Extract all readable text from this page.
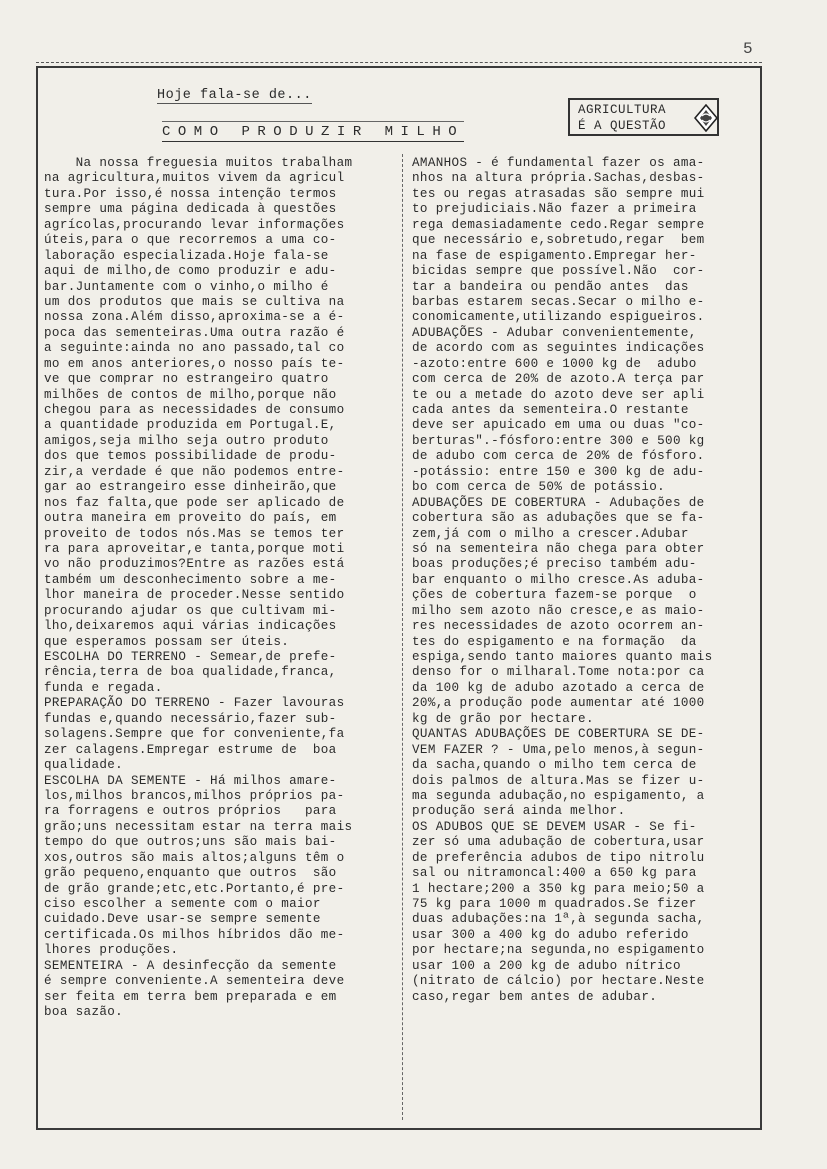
5
Hoje fala-se de...
COMO PRODUZIR MILHO
AGRICULTURA
É A QUESTÃO
Na nossa freguesia muitos trabalham
na agricultura,muitos vivem da agricul
tura.Por isso,é nossa intenção termos
sempre uma página dedicada à questões
agrícolas,procurando levar informações
úteis,para o que recorremos a uma co-
laboração especializada.Hoje fala-se
aqui de milho,de como produzir e adu-
bar.Juntamente com o vinho,o milho é
um dos produtos que mais se cultiva na
nossa zona.Além disso,aproxima-se a é-
poca das sementeiras.Uma outra razão é
a seguinte:ainda no ano passado,tal co
mo em anos anteriores,o nosso país te-
ve que comprar no estrangeiro quatro
milhões de contos de milho,porque não
chegou para as necessidades de consumo
a quantidade produzida em Portugal.E,
amigos,seja milho seja outro produto
dos que temos possibilidade de produ-
zir,a verdade é que não podemos entre-
gar ao estrangeiro esse dinheirão,que
nos faz falta,que pode ser aplicado de
outra maneira em proveito do país, em
proveito de todos nós.Mas se temos ter
ra para aproveitar,e tanta,porque moti
vo não produzimos?Entre as razões está
também um desconhecimento sobre a me-
lhor maneira de proceder.Nesse sentido
procurando ajudar os que cultivam mi-
lho,deixaremos aqui várias indicações
que esperamos possam ser úteis.
ESCOLHA DO TERRENO - Semear,de prefe-
rência,terra de boa qualidade,franca,
funda e regada.
PREPARAÇÃO DO TERRENO - Fazer lavouras
fundas e,quando necessário,fazer sub-
solagens.Sempre que for conveniente,fa
zer calagens.Empregar estrume de  boa
qualidade.
ESCOLHA DA SEMENTE - Há milhos amare-
los,milhos brancos,milhos próprios pa-
ra forragens e outros próprios   para
grão;uns necessitam estar na terra mais
tempo do que outros;uns são mais bai-
xos,outros são mais altos;alguns têm o
grão pequeno,enquanto que outros  são
de grão grande;etc,etc.Portanto,é pre-
ciso escolher a semente com o maior
cuidado.Deve usar-se sempre semente
certificada.Os milhos híbridos dão me-
lhores produções.
SEMENTEIRA - A desinfecção da semente
é sempre conveniente.A sementeira deve
ser feita em terra bem preparada e em
boa sazão.
AMANHOS - é fundamental fazer os ama-
nhos na altura própria.Sachas,desbas-
tes ou regas atrasadas são sempre mui
to prejudiciais.Não fazer a primeira
rega demasiadamente cedo.Regar sempre
que necessário e,sobretudo,regar  bem
na fase de espigamento.Empregar her-
bicidas sempre que possível.Não  cor-
tar a bandeira ou pendão antes  das
barbas estarem secas.Secar o milho e-
conomicamente,utilizando espigueiros.
ADUBAÇÕES - Adubar convenientemente,
de acordo com as seguintes indicações
-azoto:entre 600 e 1000 kg de  adubo
com cerca de 20% de azoto.A terça par
te ou a metade do azoto deve ser apli
cada antes da sementeira.O restante
deve ser apuicado em uma ou duas "co-
berturas".-fósforo:entre 300 e 500 kg
de adubo com cerca de 20% de fósforo.
-potássio: entre 150 e 300 kg de adu-
bo com cerca de 50% de potássio.
ADUBAÇÕES DE COBERTURA - Adubações de
cobertura são as adubações que se fa-
zem,já com o milho a crescer.Adubar
só na sementeira não chega para obter
boas produções;é preciso também adu-
bar enquanto o milho cresce.As aduba-
ções de cobertura fazem-se porque  o
milho sem azoto não cresce,e as maio-
res necessidades de azoto ocorrem an-
tes do espigamento e na formação  da
espiga,sendo tanto maiores quanto mais
denso for o milharal.Tome nota:por ca
da 100 kg de adubo azotado a cerca de
20%,a produção pode aumentar até 1000
kg de grão por hectare.
QUANTAS ADUBAÇÕES DE COBERTURA SE DE-
VEM FAZER ? - Uma,pelo menos,à segun-
da sacha,quando o milho tem cerca de
dois palmos de altura.Mas se fizer u-
ma segunda adubação,no espigamento, a
produção será ainda melhor.
OS ADUBOS QUE SE DEVEM USAR - Se fi-
zer só uma adubação de cobertura,usar
de preferência adubos de tipo nitrolu
sal ou nitramoncal:400 a 650 kg para
1 hectare;200 a 350 kg para meio;50 a
75 kg para 1000 m quadrados.Se fizer
duas adubações:na 1ª,à segunda sacha,
usar 300 a 400 kg do adubo referido
por hectare;na segunda,no espigamento
usar 100 a 200 kg de adubo nítrico
(nitrato de cálcio) por hectare.Neste
caso,regar bem antes de adubar.
